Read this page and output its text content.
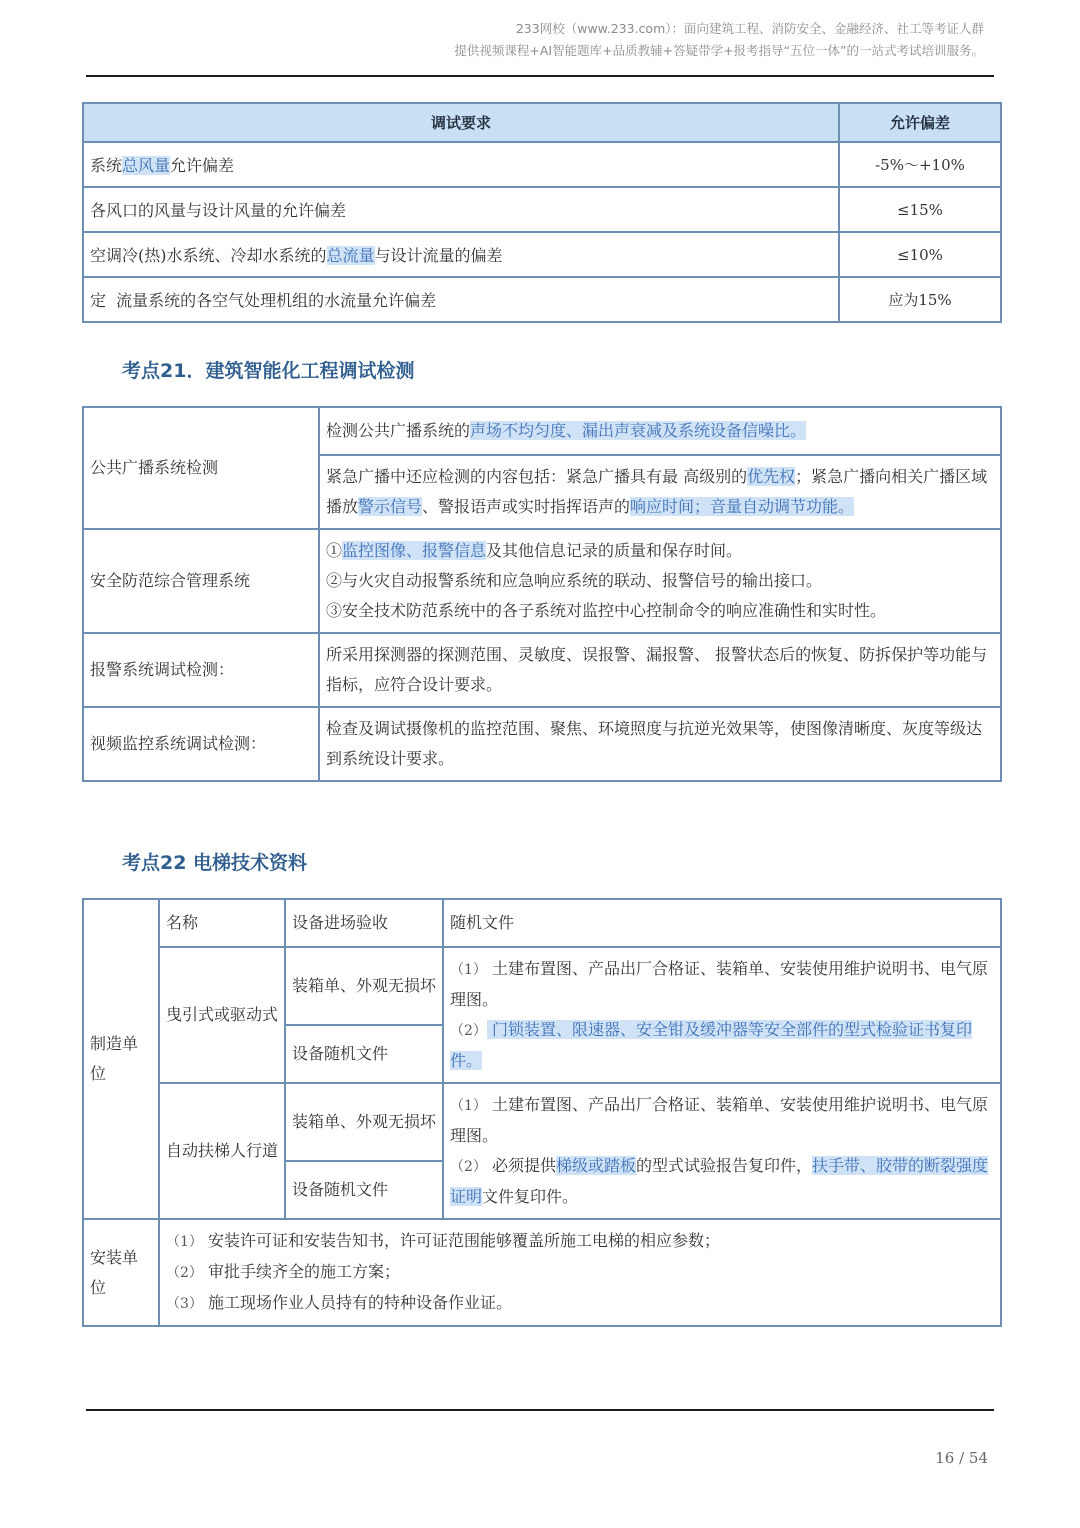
233网校（www.233.com）：面向建筑工程、消防安全、金融经济、社工等考证人群
提供视频课程+AI智能题库+品质教辅+答疑带学+报考指导“五位一体”的一站式考试培训服务。
调试要求	允许偏差
系统总风量允许偏差	-5%～+10%
各风口的风量与设计风量的允许偏差	≤15%
空调冷(热)水系统、冷却水系统的总流量与设计流量的偏差	≤10%
定  流量系统的各空气处理机组的水流量允许偏差	应为15%
考点21．建筑智能化工程调试检测
公共广播系统检测	检测公共广播系统的声场不均匀度、漏出声衰减及系统设备信噪比。
	紧急广播中还应检测的内容包括：紧急广播具有最 高级别的优先权；紧急广播向相关广播区域播放警示信号、警报语声或实时指挥语声的响应时间；音量自动调节功能。
安全防范综合管理系统	①监控图像、报警信息及其他信息记录的质量和保存时间。
②与火灾自动报警系统和应急响应系统的联动、报警信号的输出接口。
③安全技术防范系统中的各子系统对监控中心控制命令的响应准确性和实时性。

报警系统调试检测：	所采用探测器的探测范围、灵敏度、误报警、漏报警、 报警状态后的恢复、防拆保护等功能与指标，应符合设计要求。
视频监控系统调试检测：	检查及调试摄像机的监控范围、聚焦、环境照度与抗逆光效果等，使图像清晰度、灰度等级达到系统设计要求。
考点22 电梯技术资料
制造单位	名称	设备进场验收	随机文件
	曳引式或驱动式	装箱单、外观无损坏	（1） 土建布置图、产品出厂合格证、装箱单、安装使用维护说明书、电气原理图。
（2） 门锁装置、限速器、安全钳及缓冲器等安全部件的型式检验证书复印件。

		设备随机文件	
	自动扶梯人行道	装箱单、外观无损坏	（1） 土建布置图、产品出厂合格证、装箱单、安装使用维护说明书、电气原理图。
（2） 必须提供梯级或踏板的型式试验报告复印件，扶手带、胶带的断裂强度证明文件复印件。

		设备随机文件	
安装单位	（1） 安装许可证和安装告知书，许可证范围能够覆盖所施工电梯的相应参数；
（2） 审批手续齐全的施工方案；
（3） 施工现场作业人员持有的特种设备作业证。		
16 / 54
